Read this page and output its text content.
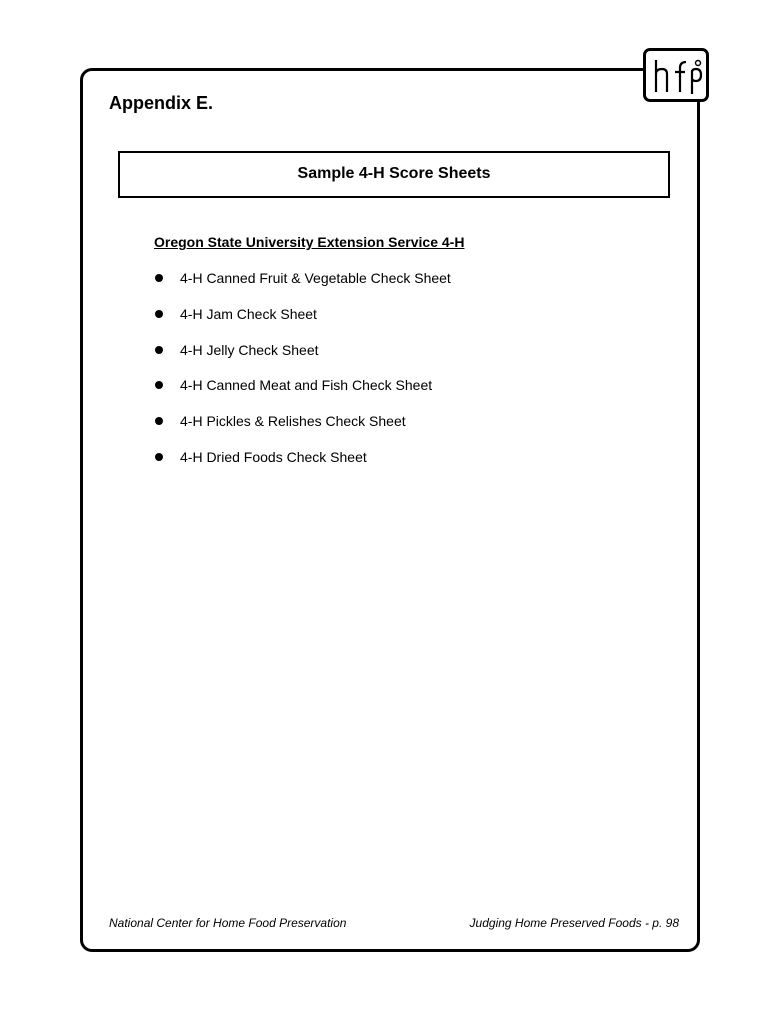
Appendix E.
Sample 4-H Score Sheets

Oregon State University Extension Service 4-H

4-H Canned Fruit & Vegetable Check Sheet
4-H Jam Check Sheet
4-H Jelly Check Sheet
4-H Canned Meat and Fish Check Sheet
4-H Pickles & Relishes Check Sheet
4-H Dried Foods Check Sheet

National Center for Home Food Preservation	Judging Home Preserved Foods - p. 98
